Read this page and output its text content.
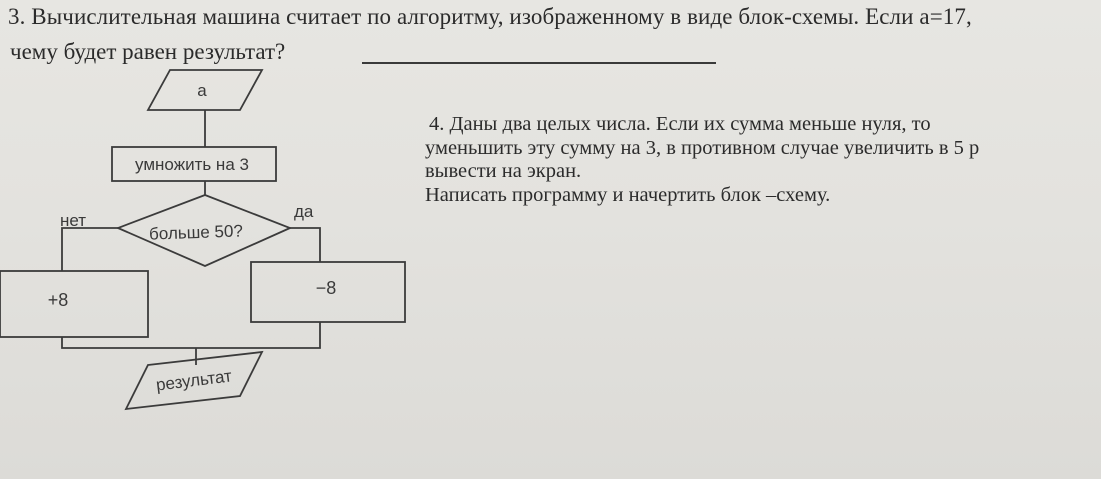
3. Вычислительная машина считает по алгоритму, изображенному в виде блок-схемы. Если a=17,
чему будет равен результат?
a
умножить на 3
больше 50?
нет	да
+8
−8
результат
4. Даны два целых числа. Если их сумма меньше нуля, то
уменьшить эту сумму на 3, в противном случае увеличить в 5 р
вывести на экран.
Написать программу и начертить блок –схему.
